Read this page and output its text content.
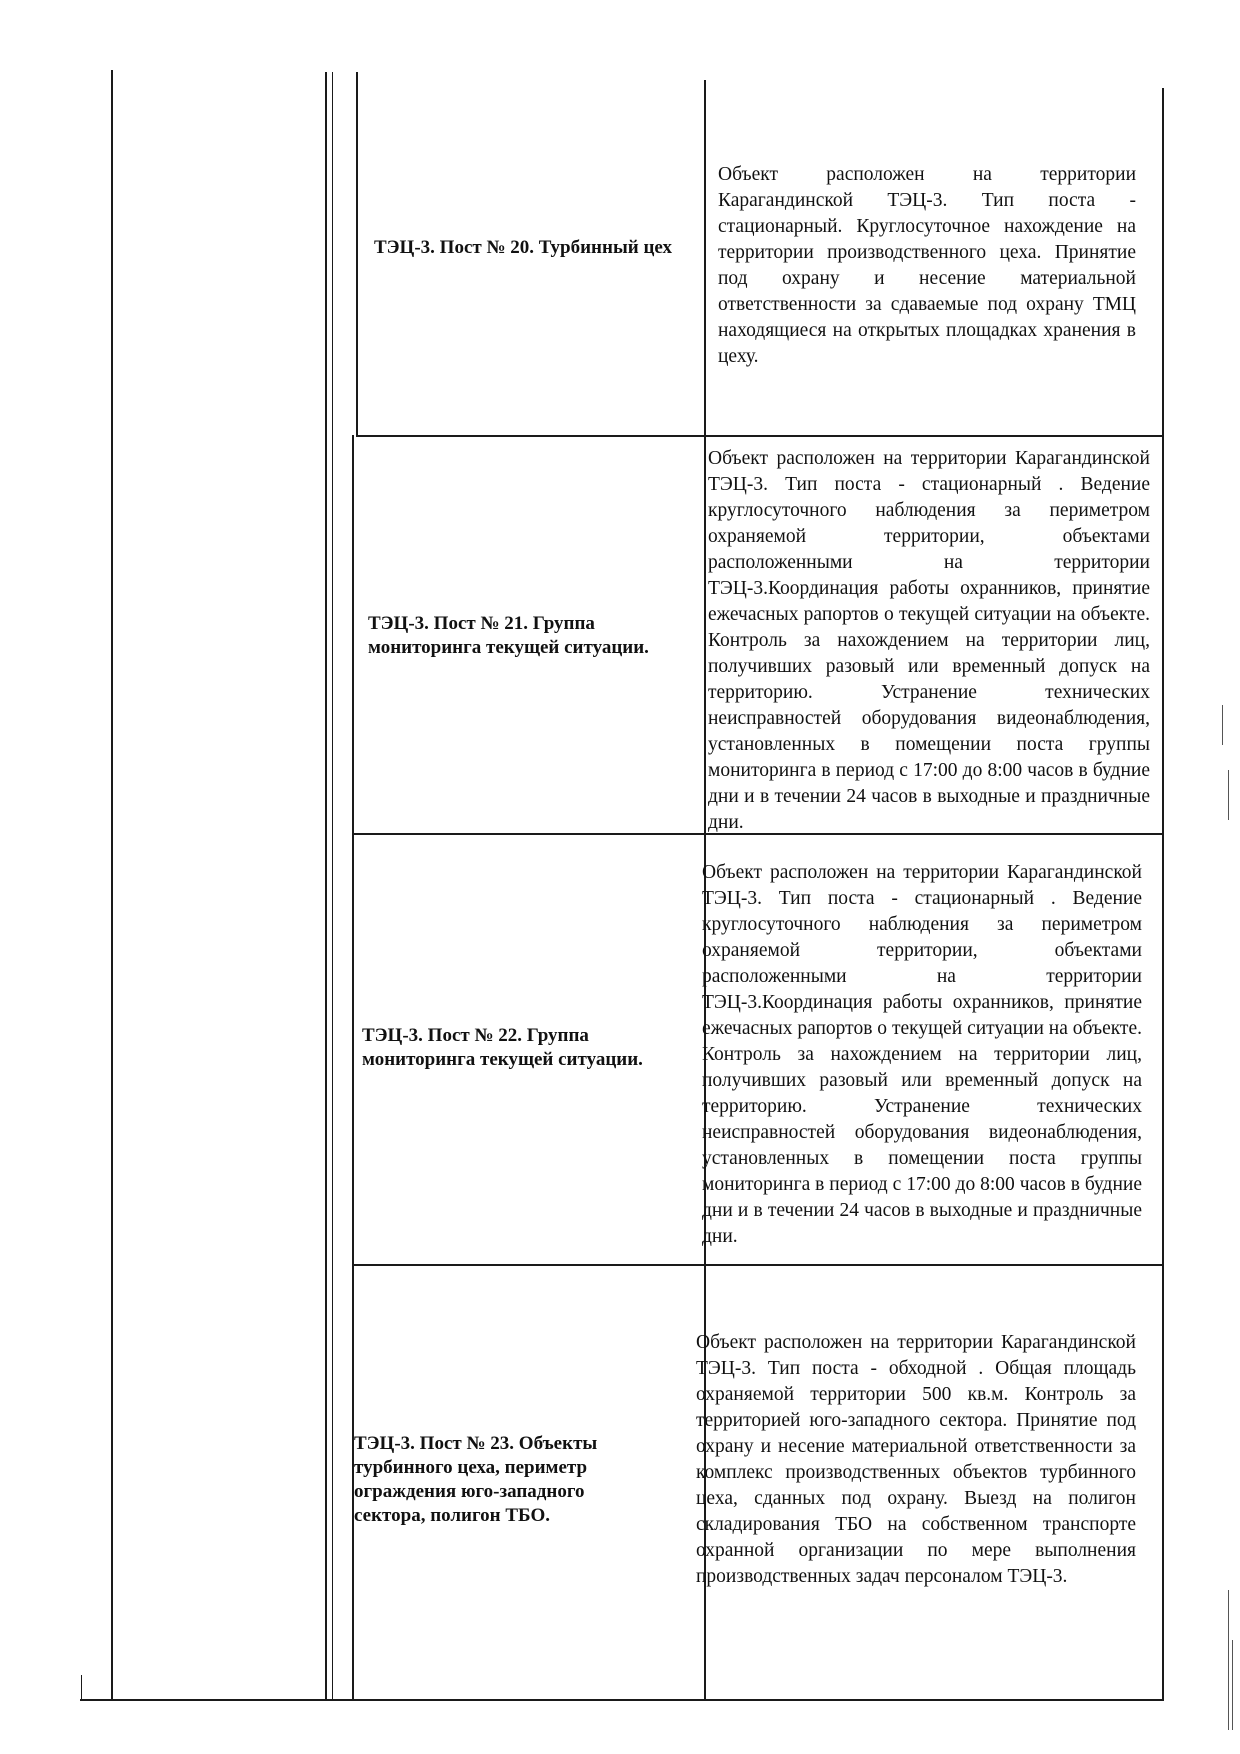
ТЭЦ-3. Пост № 20. Турбинный цех
Объект расположен на территории Карагандинской ТЭЦ-3. Тип поста - стационарный. Круглосуточное нахождение на территории производственного цеха. Принятие под охрану и несение материальной ответственности за сдаваемые под охрану ТМЦ находящиеся на открытых площадках хранения в цеху.
ТЭЦ-3. Пост № 21. Группа мониторинга текущей ситуации.
Объект расположен на территории Карагандинской ТЭЦ-3. Тип поста - стационарный . Ведение круглосуточного наблюдения за периметром охраняемой территории, объектами расположенными на территории ТЭЦ-3.Координация работы охранников, принятие ежечасных рапортов о текущей ситуации на объекте. Контроль за нахождением на территории лиц, получивших разовый или временный допуск на территорию. Устранение технических неисправностей оборудования видеонаблюдения, установленных в помещении поста группы мониторинга в период с 17:00 до 8:00 часов в будние дни и в течении 24 часов в выходные и праздничные дни.
ТЭЦ-3. Пост № 22. Группа мониторинга текущей ситуации.
Объект расположен на территории Карагандинской ТЭЦ-3. Тип поста - стационарный . Ведение круглосуточного наблюдения за периметром охраняемой территории, объектами расположенными на территории ТЭЦ-3.Координация работы охранников, принятие ежечасных рапортов о текущей ситуации на объекте. Контроль за нахождением на территории лиц, получивших разовый или временный допуск на территорию. Устранение технических неисправностей оборудования видеонаблюдения, установленных в помещении поста группы мониторинга в период с 17:00 до 8:00 часов в будние дни и в течении 24 часов в выходные и праздничные дни.
ТЭЦ-3. Пост № 23. Объекты турбинного цеха, периметр ограждения юго-западного сектора, полигон ТБО.
Объект расположен на территории Карагандинской ТЭЦ-3. Тип поста - обходной . Общая площадь охраняемой территории 500 кв.м. Контроль за территорией юго-западного сектора. Принятие под охрану и несение материальной ответственности за комплекс производственных объектов турбинного цеха, сданных под охрану. Выезд на полигон складирования ТБО на собственном транспорте охранной организации по мере выполнения производственных задач персоналом ТЭЦ-3.
